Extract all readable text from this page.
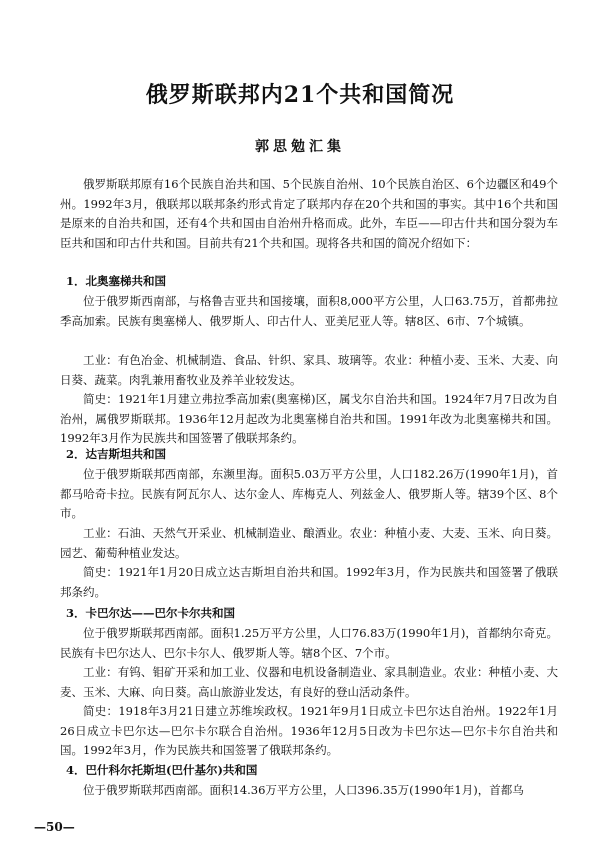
俄罗斯联邦内21个共和国简况
郭思勉汇集
俄罗斯联邦原有16个民族自治共和国、5个民族自治州、10个民族自治区、6个边疆区和49个州。1992年3月，俄联邦以联邦条约形式肯定了联邦内存在20个共和国的事实。其中16个共和国是原来的自治共和国，还有4个共和国由自治州升格而成。此外，车臣——印古什共和国分裂为车臣共和国和印古什共和国。目前共有21个共和国。现将各共和国的简况介绍如下：
1．北奥塞梯共和国
位于俄罗斯西南部，与格鲁吉亚共和国接壤，面积8,000平方公里，人口63.75万，首都弗拉季高加索。民族有奥塞梯人、俄罗斯人、印古什人、亚美尼亚人等。辖8区、6市、7个城镇。
工业：有色冶金、机械制造、食品、针织、家具、玻璃等。农业：种植小麦、玉米、大麦、向日葵、蔬菜。肉乳兼用畜牧业及养羊业较发达。
简史：1921年1月建立弗拉季高加索(奥塞梯)区，属戈尔自治共和国。1924年7月7日改为自治州，属俄罗斯联邦。1936年12月起改为北奥塞梯自治共和国。1991年改为北奥塞梯共和国。1992年3月作为民族共和国签署了俄联邦条约。
2．达吉斯坦共和国
位于俄罗斯联邦西南部，东濒里海。面积5.03万平方公里，人口182.26万(1990年1月)，首都马哈奇卡拉。民族有阿瓦尔人、达尔金人、库梅克人、列兹金人、俄罗斯人等。辖39个区、8个市。
工业：石油、天然气开采业、机械制造业、酿酒业。农业：种植小麦、大麦、玉米、向日葵。园艺、葡萄种植业发达。
简史：1921年1月20日成立达吉斯坦自治共和国。1992年3月，作为民族共和国签署了俄联邦条约。
3．卡巴尔达——巴尔卡尔共和国
位于俄罗斯联邦西南部。面积1.25万平方公里，人口76.83万(1990年1月)，首都纳尔奇克。民族有卡巴尔达人、巴尔卡尔人、俄罗斯人等。辖8个区、7个市。
工业：有钨、钼矿开采和加工业、仪器和电机设备制造业、家具制造业。农业：种植小麦、大麦、玉米、大麻、向日葵。高山旅游业发达，有良好的登山活动条件。
简史：1918年3月21日建立苏维埃政权。1921年9月1日成立卡巴尔达自治州。1922年1月26日成立卡巴尔达—巴尔卡尔联合自治州。1936年12月5日改为卡巴尔达—巴尔卡尔自治共和国。1992年3月，作为民族共和国签署了俄联邦条约。
4．巴什科尔托斯坦(巴什基尔)共和国
位于俄罗斯联邦西南部。面积14.36万平方公里，人口396.35万(1990年1月)，首都乌
—50—
